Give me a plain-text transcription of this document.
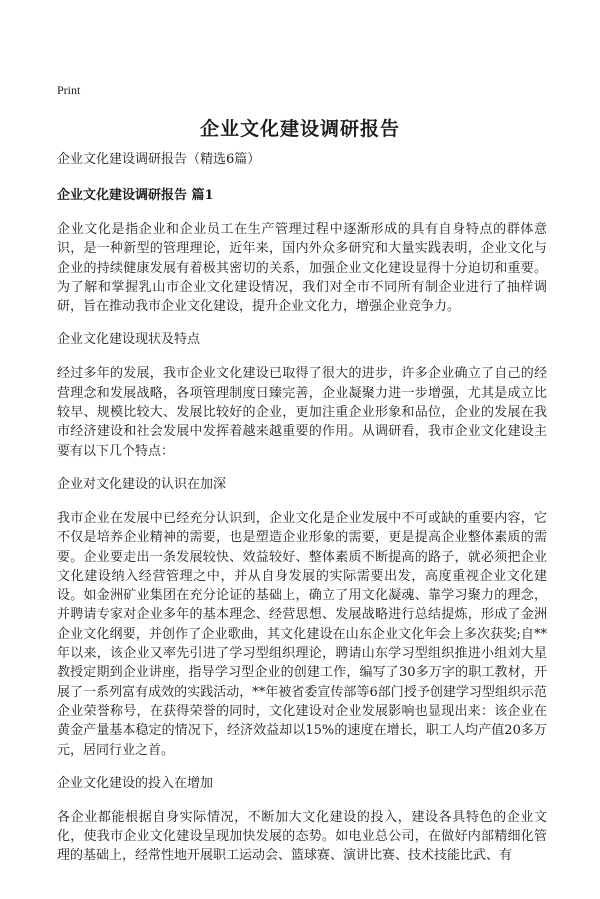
Print
企业文化建设调研报告
企业文化建设调研报告（精选6篇）
企业文化建设调研报告 篇1
企业文化是指企业和企业员工在生产管理过程中逐渐形成的具有自身特点的群体意识，是一种新型的管理理论，近年来，国内外众多研究和大量实践表明，企业文化与企业的持续健康发展有着极其密切的关系，加强企业文化建设显得十分迫切和重要。为了解和掌握乳山市企业文化建设情况，我们对全市不同所有制企业进行了抽样调研，旨在推动我市企业文化建设，提升企业文化力，增强企业竞争力。
企业文化建设现状及特点
经过多年的发展，我市企业文化建设已取得了很大的进步，许多企业确立了自己的经营理念和发展战略，各项管理制度日臻完善，企业凝聚力进一步增强，尤其是成立比较早、规模比较大、发展比较好的企业，更加注重企业形象和品位，企业的发展在我市经济建设和社会发展中发挥着越来越重要的作用。从调研看，我市企业文化建设主要有以下几个特点：
企业对文化建设的认识在加深
我市企业在发展中已经充分认识到，企业文化是企业发展中不可或缺的重要内容，它不仅是培养企业精神的需要，也是塑造企业形象的需要，更是提高企业整体素质的需要。企业要走出一条发展较快、效益较好、整体素质不断提高的路子，就必须把企业文化建设纳入经营管理之中，并从自身发展的实际需要出发，高度重视企业文化建设。如金洲矿业集团在充分论证的基础上，确立了用文化凝魂、靠学习聚力的理念，并聘请专家对企业多年的基本理念、经营思想、发展战略进行总结提炼，形成了金洲企业文化纲要，并创作了企业歌曲，其文化建设在山东企业文化年会上多次获奖;自**年以来，该企业又率先引进了学习型组织理论，聘请山东学习型组织推进小组刘大星教授定期到企业讲座，指导学习型企业的创建工作，编写了30多万字的职工教材，开展了一系列富有成效的实践活动，**年被省委宣传部等6部门授予创建学习型组织示范企业荣誉称号，在获得荣誉的同时，文化建设对企业发展影响也显现出来：该企业在黄金产量基本稳定的情况下，经济效益却以15%的速度在增长，职工人均产值20多万元，居同行业之首。
企业文化建设的投入在增加
各企业都能根据自身实际情况，不断加大文化建设的投入，建设各具特色的企业文化，使我市企业文化建设呈现加快发展的态势。如电业总公司，在做好内部精细化管理的基础上，经常性地开展职工运动会、篮球赛、演讲比赛、技术技能比武、有
